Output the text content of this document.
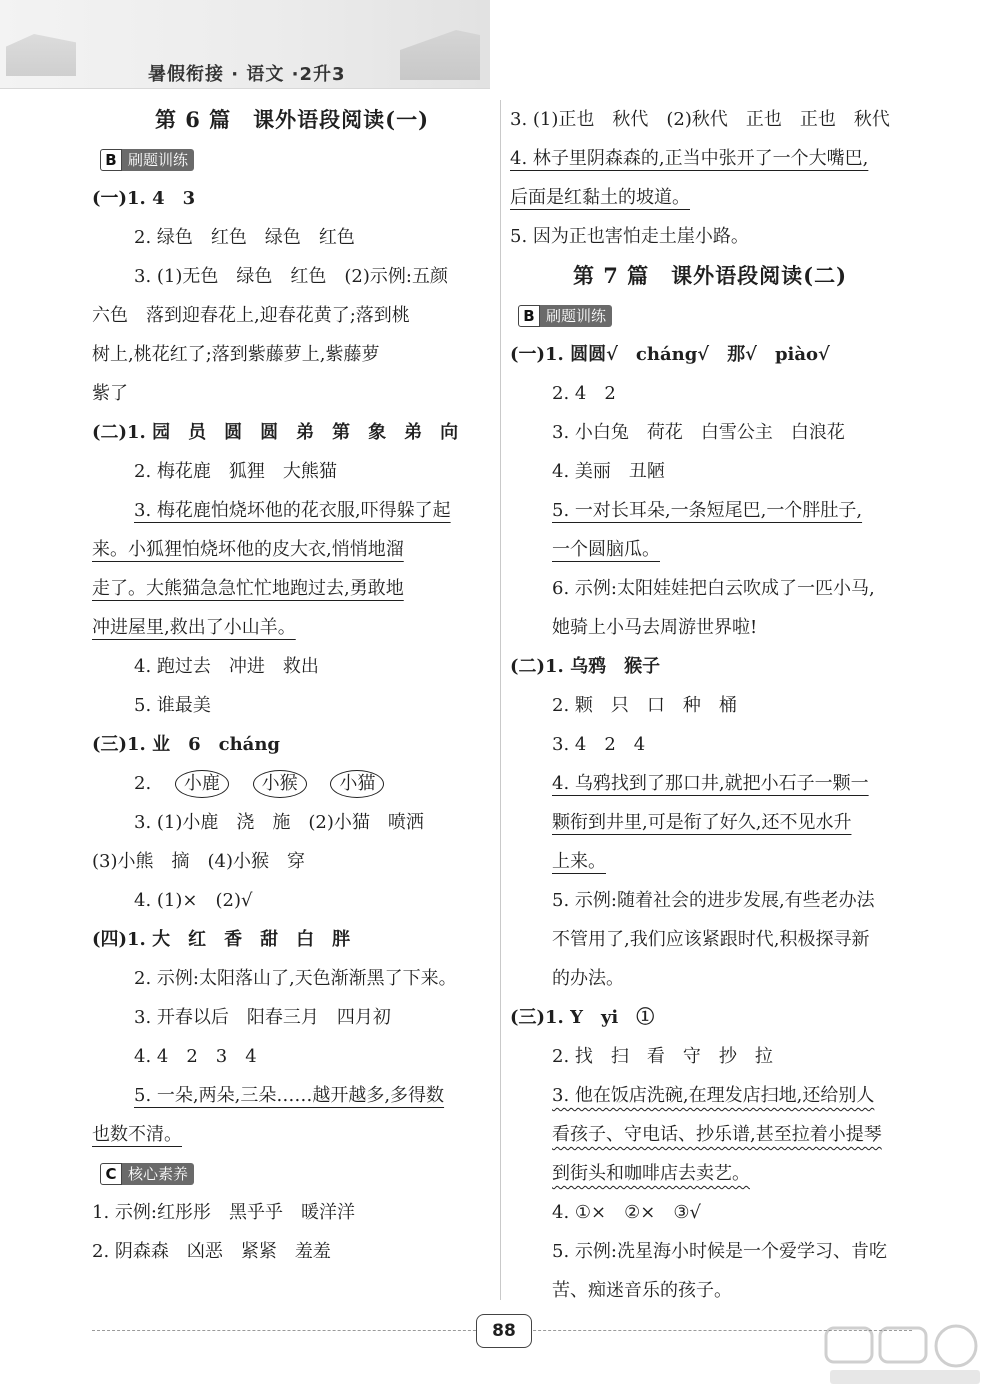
暑假衔接 · 语文 ·2升3
第 6 篇　课外语段阅读(一)
B 刷题训练
(一)1. 4　3
2. 绿色　红色　绿色　红色
3. (1)无色　绿色　红色　(2)示例:五颜
六色　落到迎春花上,迎春花黄了;落到桃
树上,桃花红了;落到紫藤萝上,紫藤萝
紫了
(二)1. 园　员　圆　圆　弟　第　象　弟　向
2. 梅花鹿　狐狸　大熊猫
3. 梅花鹿怕烧坏他的花衣服,吓得躲了起
来。小狐狸怕烧坏他的皮大衣,悄悄地溜
走了。大熊猫急急忙忙地跑过去,勇敢地
冲进屋里,救出了小山羊。
4. 跑过去　冲进　救出
5. 谁最美
(三)1. 业　6　cháng
2. 小鹿 小猴 小猫
3. (1)小鹿　浇　施　(2)小猫　喷洒
(3)小熊　摘　(4)小猴　穿
4. (1)×　(2)√
(四)1. 大　红　香　甜　白　胖
2. 示例:太阳落山了,天色渐渐黑了下来。
3. 开春以后　阳春三月　四月初
4. 4　2　3　4
5. 一朵,两朵,三朵……越开越多,多得数
也数不清。
C 核心素养
1. 示例:红彤彤　黑乎乎　暖洋洋
2. 阴森森　凶恶　紧紧　羞羞
3. (1)正也　秋代　(2)秋代　正也　正也　秋代
4. 林子里阴森森的,正当中张开了一个大嘴巴,
后面是红黏土的坡道。
5. 因为正也害怕走土崖小路。
第 7 篇　课外语段阅读(二)
B 刷题训练
(一)1. 圆圆√　cháng√　那√　piào√
2. 4　2
3. 小白兔　荷花　白雪公主　白浪花
4. 美丽　丑陋
5. 一对长耳朵,一条短尾巴,一个胖肚子,
一个圆脑瓜。
6. 示例:太阳娃娃把白云吹成了一匹小马,
她骑上小马去周游世界啦!
(二)1. 乌鸦　猴子
2. 颗　只　口　种　桶
3. 4　2　4
4. 乌鸦找到了那口井,就把小石子一颗一
颗衔到井里,可是衔了好久,还不见水升
上来。
5. 示例:随着社会的进步发展,有些老办法
不管用了,我们应该紧跟时代,积极探寻新
的办法。
(三)1. Y　yi　①
2. 找　扫　看　守　抄　拉
3. 他在饭店洗碗,在理发店扫地,还给别人
看孩子、守电话、抄乐谱,甚至拉着小提琴
到街头和咖啡店去卖艺。
4. ①×　②×　③√
5. 示例:冼星海小时候是一个爱学习、肯吃
苦、痴迷音乐的孩子。
88
